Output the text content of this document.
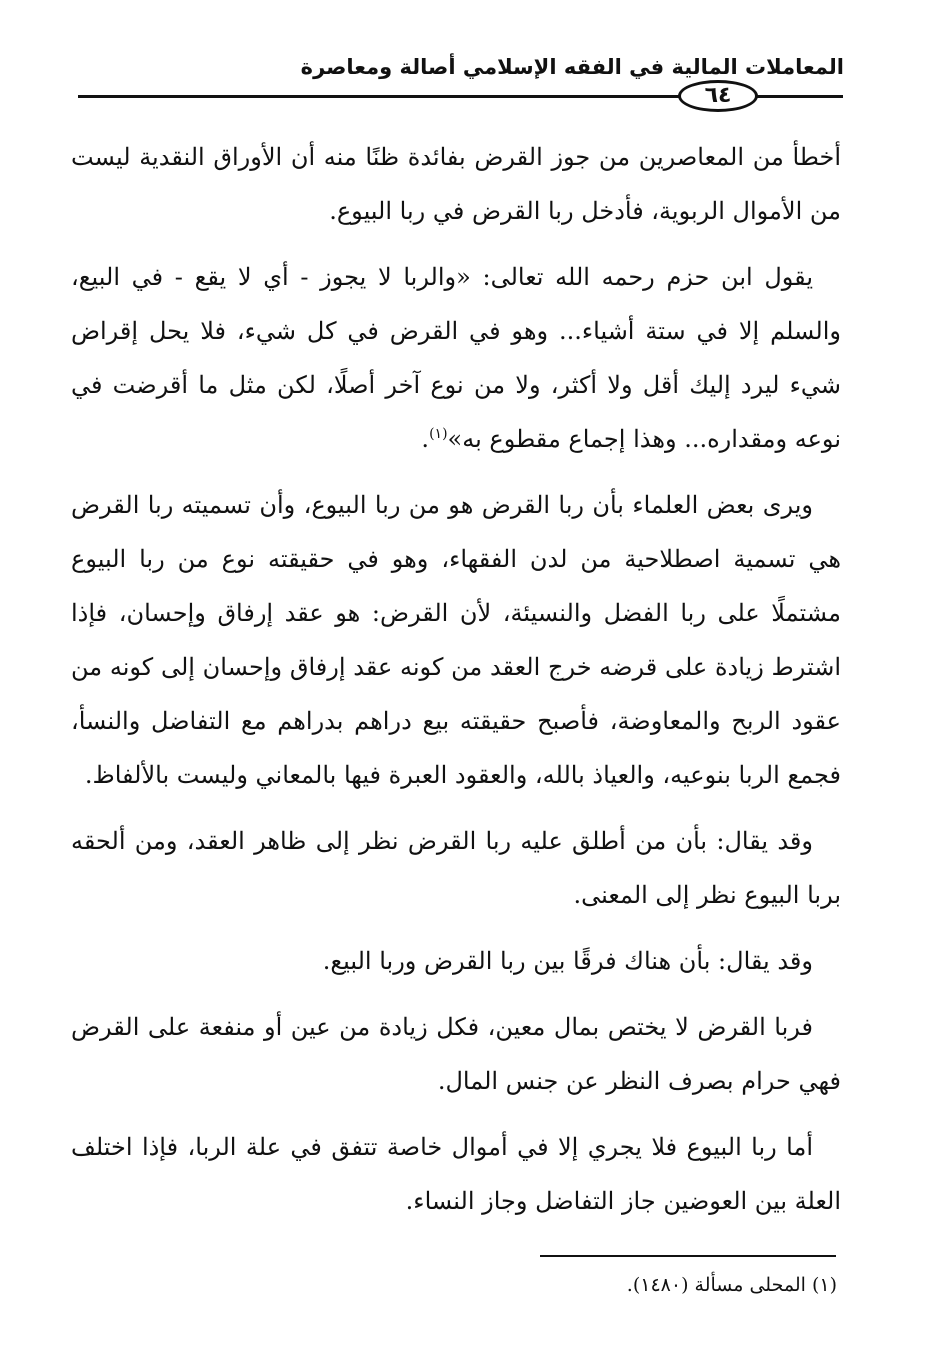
المعاملات المالية في الفقه الإسلامي أصالة ومعاصرة
٦٤

أخطأ من المعاصرين من جوز القرض بفائدة ظنًا منه أن الأوراق النقدية ليست من الأموال الربوية، فأدخل ربا القرض في ربا البيوع.

يقول ابن حزم رحمه الله تعالى: «والربا لا يجوز - أي لا يقع - في البيع، والسلم إلا في ستة أشياء... وهو في القرض في كل شيء، فلا يحل إقراض شيء ليرد إليك أقل ولا أكثر، ولا من نوع آخر أصلًا، لكن مثل ما أقرضت في نوعه ومقداره... وهذا إجماع مقطوع به»$^{(١)}$.

ويرى بعض العلماء بأن ربا القرض هو من ربا البيوع، وأن تسميته ربا القرض هي تسمية اصطلاحية من لدن الفقهاء، وهو في حقيقته نوع من ربا البيوع مشتملًا على ربا الفضل والنسيئة، لأن القرض: هو عقد إرفاق وإحسان، فإذا اشترط زيادة على قرضه خرج العقد من كونه عقد إرفاق وإحسان إلى كونه من عقود الربح والمعاوضة، فأصبح حقيقته بيع دراهم بدراهم مع التفاضل والنسأ، فجمع الربا بنوعيه، والعياذ بالله، والعقود العبرة فيها بالمعاني وليست بالألفاظ.

وقد يقال: بأن من أطلق عليه ربا القرض نظر إلى ظاهر العقد، ومن ألحقه بربا البيوع نظر إلى المعنى.

وقد يقال: بأن هناك فرقًا بين ربا القرض وربا البيع.

فربا القرض لا يختص بمال معين، فكل زيادة من عين أو منفعة على القرض فهي حرام بصرف النظر عن جنس المال.

أما ربا البيوع فلا يجري إلا في أموال خاصة تتفق في علة الربا، فإذا اختلف العلة بين العوضين جاز التفاضل وجاز النساء.

(١) المحلى مسألة (١٤٨٠).
